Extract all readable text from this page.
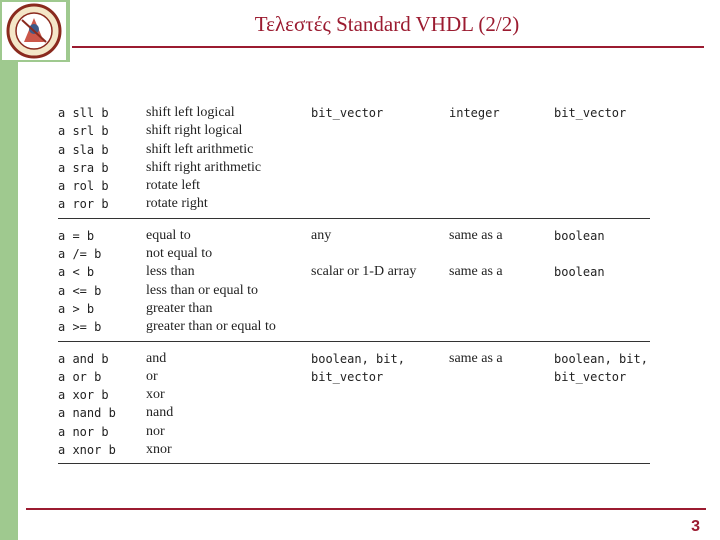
Τελεστές Standard VHDL (2/2)
a sll b	shift left logical	bit_vector	integer	bit_vector
a srl b	shift right logical			
a sla b	shift left arithmetic			
a sra b	shift right arithmetic			
a rol b	rotate left			
a ror b	rotate right			

a = b	equal to	any	same as a	boolean
a /= b	not equal to			
a < b	less than	scalar or 1-D array	same as a	boolean
a <= b	less than or equal to			
a > b	greater than			
a >= b	greater than or equal to			

a and b	and	boolean, bit,	same as a	boolean, bit,
a or b	or	bit_vector		bit_vector
a xor b	xor			
a nand b	nand			
a nor b	nor			
a xnor b	xnor			

3
